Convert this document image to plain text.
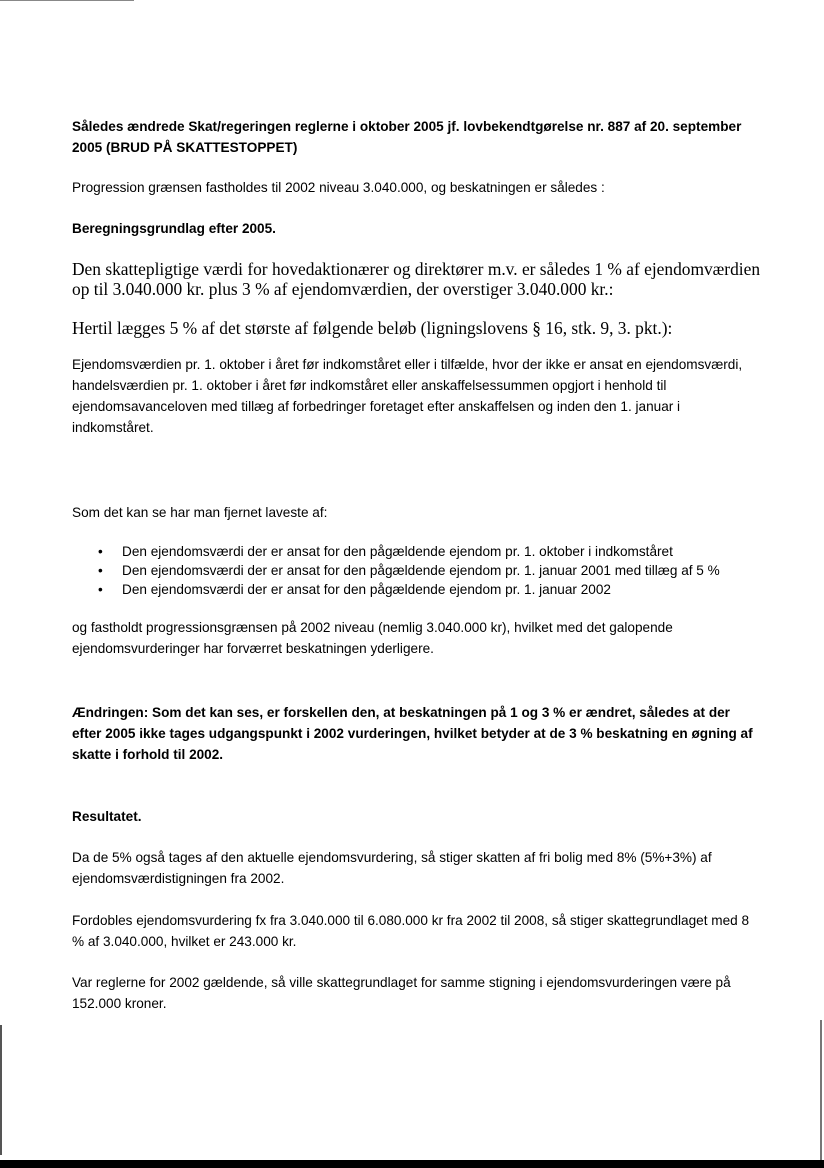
Således ændrede Skat/regeringen reglerne i oktober 2005 jf. lovbekendtgørelse nr. 887 af 20. september 2005 (BRUD PÅ SKATTESTOPPET)

Progression grænsen fastholdes til 2002 niveau 3.040.000, og beskatningen er således :

Beregningsgrundlag efter 2005.

Den skattepligtige værdi for hovedaktionærer og direktører m.v. er således 1 % af ejendomværdien op til 3.040.000 kr. plus 3 % af ejendomværdien, der overstiger 3.040.000 kr.:

Hertil lægges 5 % af det største af følgende beløb (ligningslovens § 16, stk. 9, 3. pkt.):

Ejendomsværdien pr. 1. oktober i året før indkomståret eller i tilfælde, hvor der ikke er ansat en ejendomsværdi, handelsværdien pr. 1. oktober i året før indkomståret eller anskaffelsessummen opgjort i henhold til ejendomsavanceloven med tillæg af forbedringer foretaget efter anskaffelsen og inden den 1. januar i indkomståret.

Som det kan se har man fjernet laveste af:

• Den ejendomsværdi der er ansat for den pågældende ejendom pr. 1. oktober i indkomståret
• Den ejendomsværdi der er ansat for den pågældende ejendom pr. 1. januar 2001 med tillæg af 5 %
• Den ejendomsværdi der er ansat for den pågældende ejendom pr. 1. januar 2002

og fastholdt progressionsgrænsen på 2002 niveau (nemlig 3.040.000 kr), hvilket med det galopende ejendomsvurderinger har forværret beskatningen yderligere.

Ændringen: Som det kan ses, er forskellen den, at beskatningen på 1 og 3 % er ændret, således at der efter 2005 ikke tages udgangspunkt i 2002 vurderingen, hvilket betyder at de 3 % beskatning en øgning af skatte i forhold til 2002.

Resultatet.

Da de 5% også tages af den aktuelle ejendomsvurdering, så stiger skatten af fri bolig med 8% (5%+3%) af ejendomsværdistigningen fra 2002.

Fordobles ejendomsvurdering fx fra 3.040.000 til 6.080.000 kr fra 2002 til 2008, så stiger skattegrundlaget med 8 % af 3.040.000, hvilket er 243.000 kr.

Var reglerne for 2002 gældende, så ville skattegrundlaget for samme stigning i ejendomsvurderingen være på 152.000 kroner.
